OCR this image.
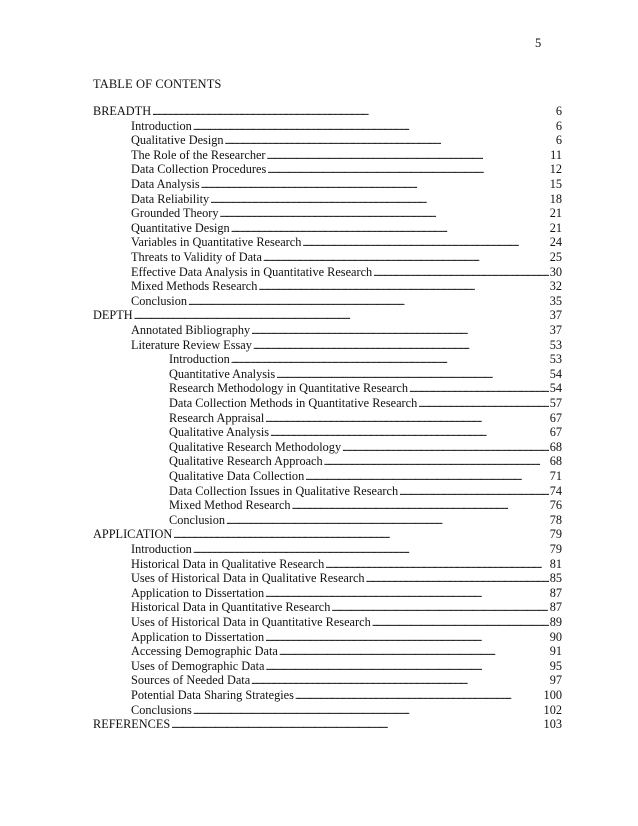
5
TABLE OF CONTENTS
BREADTH . . .	6
Introduction . . .	6
Qualitative Design . . .	6
The Role of the Researcher . . .	11
Data Collection Procedures . . .	12
Data Analysis . . .	15
Data Reliability . . .	18
Grounded Theory . . .	21
Quantitative Design . . .	21
Variables in Quantitative Research . . .	24
Threats to Validity of Data . . .	25
Effective Data Analysis in Quantitative Research . . .	30
Mixed Methods Research . . .	32
Conclusion . . .	35
DEPTH . . .	37
Annotated Bibliography . . .	37
Literature Review Essay . . .	53
Introduction . . .	53
Quantitative Analysis . . .	54
Research Methodology in Quantitative Research . . .	54
Data Collection Methods in Quantitative Research . . .	57
Research Appraisal . . .	67
Qualitative Analysis . . .	67
Qualitative Research Methodology . . .	68
Qualitative Research Approach . . .	68
Qualitative Data Collection . . .	71
Data Collection Issues in Qualitative Research . . .	74
Mixed Method Research . . .	76
Conclusion . . .	78
APPLICATION . . .	79
Introduction . . .	79
Historical Data in Qualitative Research . . .	81
Uses of Historical Data in Qualitative Research . . .	85
Application to Dissertation . . .	87
Historical Data in Quantitative Research . . .	87
Uses of Historical Data in Quantitative Research . . .	89
Application to Dissertation . . .	90
Accessing Demographic Data . . .	91
Uses of Demographic Data . . .	95
Sources of Needed Data . . .	97
Potential Data Sharing Strategies . . .	100
Conclusions . . .	102
REFERENCES . . .	103
